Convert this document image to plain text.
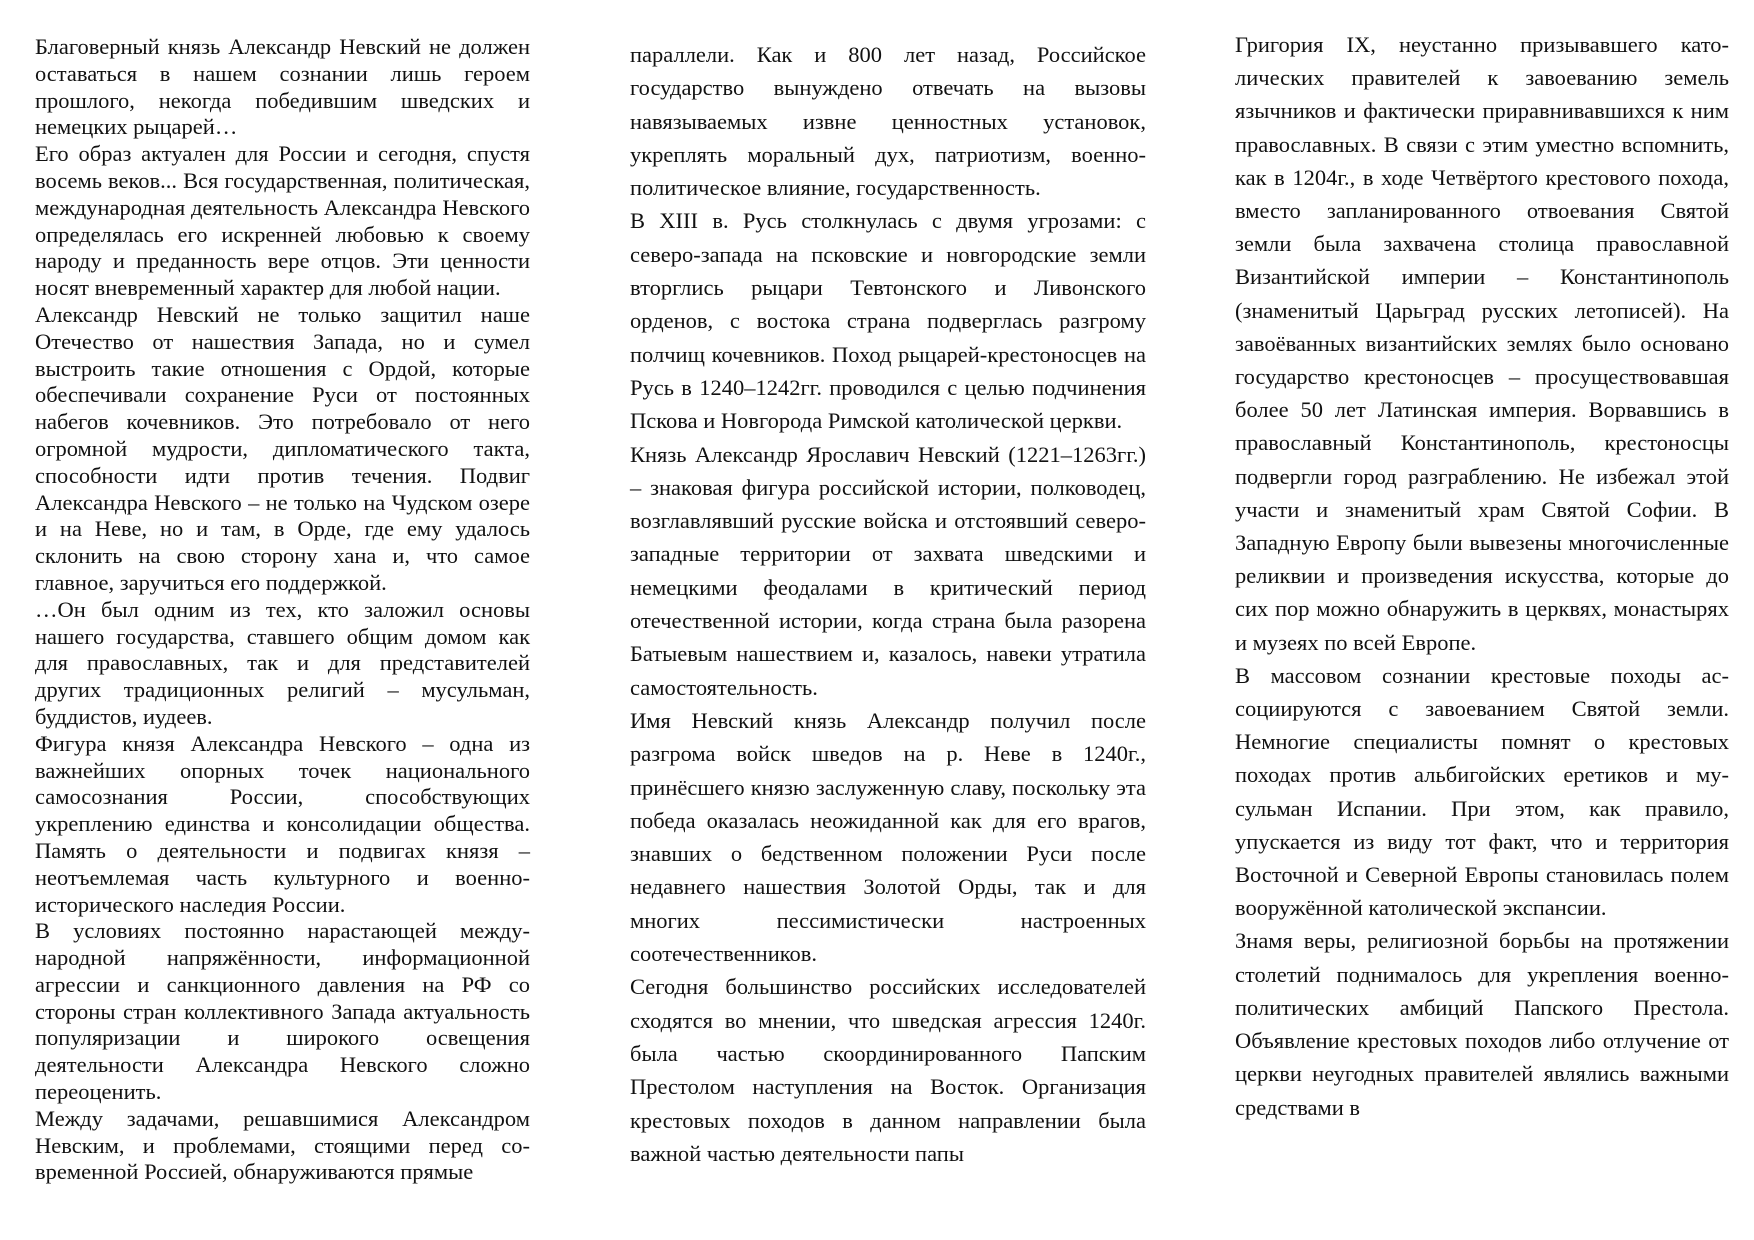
Благоверный князь Александр Невский не должен оставаться в нашем сознании лишь героем прошлого, некогда победившим шведских и немецких рыцарей…

Его образ актуален для России и сегодня, спустя восемь веков... Вся государственная, политическая, международная деятельность Александра Невского определялась его искренней любовью к своему народу и преданность вере отцов. Эти ценности носят вневременный характер для любой нации.

Александр Невский не только защитил наше Отечество от нашествия Запада, но и сумел выстроить такие отношения с Ордой, которые обеспечивали сохранение Руси от постоянных набегов кочевников. Это потребовало от него огромной мудрости, дипломатического такта, способности идти против течения. Подвиг Александра Невского – не только на Чудском озере и на Неве, но и там, в Орде, где ему удалось склонить на свою сторону хана и, что самое главное, заручиться его поддержкой.

…Он был одним из тех, кто заложил основы нашего государства, ставшего общим домом как для православных, так и для представителей других традиционных религий – мусульман, буддистов, иудеев.

Фигура князя Александра Невского – одна из важнейших опорных точек национального самосознания России, способствующих укреплению единства и консолидации общества. Память о деятельности и подвигах князя – неотъемлемая часть культурного и военно-исторического наследия России.

В условиях постоянно нарастающей международной напряжённости, информационной агрессии и санкционного давления на РФ со стороны стран коллективного Запада актуальность популяризации и широкого освещения деятельности Александра Невского сложно переоценить.

Между задачами, решавшимися Александром Невским, и проблемами, стоящими перед современной Россией, обнаруживаются прямые

параллели. Как и 800 лет назад, Российское государство вынуждено отвечать на вызовы навязываемых извне ценностных установок, укреплять моральный дух, патриотизм, военно-политическое влияние, государственность.

В XIII в. Русь столкнулась с двумя угрозами: с северо-запада на псковские и новгородские земли вторглись рыцари Тевтонского и Ливонского орденов, с востока страна подверглась разгрому полчищ кочевников. Поход рыцарей-крестоносцев на Русь в 1240–1242гг. проводился с целью подчинения Пскова и Новгорода Римской католической церкви.

Князь Александр Ярославич Невский (1221–1263гг.) – знаковая фигура российской истории, полководец, возглавлявший русские войска и отстоявший северо-западные территории от захвата шведскими и немецкими феодалами в критический период отечественной истории, когда страна была разорена Батыевым нашествием и, казалось, навеки утратила самостоятельность.

Имя Невский князь Александр получил после разгрома войск шведов на р. Неве в 1240г., принёсшего князю заслуженную славу, поскольку эта победа оказалась неожиданной как для его врагов, знавших о бедственном положении Руси после недавнего нашествия Золотой Орды, так и для многих пессимистически настроенных соотечественников.

Сегодня большинство российских исследователей сходятся во мнении, что шведская агрессия 1240г. была частью скоординированного Папским Престолом наступления на Восток. Организация крестовых походов в данном направлении была важной частью деятельности папы

Григория IX, неустанно призывавшего католических правителей к завоеванию земель язычников и фактически приравнивавшихся к ним православных. В связи с этим уместно вспомнить, как в 1204г., в ходе Четвёртого крестового похода, вместо запланированного отвоевания Святой земли была захвачена столица православной Византийской империи – Константинополь (знаменитый Царьград русских летописей). На завоёванных византийских землях было основано государство крестоносцев – просуществовавшая более 50 лет Латинская империя. Ворвавшись в православный Константинополь, крестоносцы подвергли город разграблению. Не избежал этой участи и знаменитый храм Святой Софии. В Западную Европу были вывезены многочисленные реликвии и произведения искусства, которые до сих пор можно обнаружить в церквях, монастырях и музеях по всей Европе.

В массовом сознании крестовые походы ассоциируются с завоеванием Святой земли. Немногие специалисты помнят о крестовых походах против альбигойских еретиков и мусульман Испании. При этом, как правило, упускается из виду тот факт, что и территория Восточной и Северной Европы становилась полем вооружённой католической экспансии.

Знамя веры, религиозной борьбы на протяжении столетий поднималось для укрепления военно-политических амбиций Папского Престола. Объявление крестовых походов либо отлучение от церкви неугодных правителей являлись важными средствами в
